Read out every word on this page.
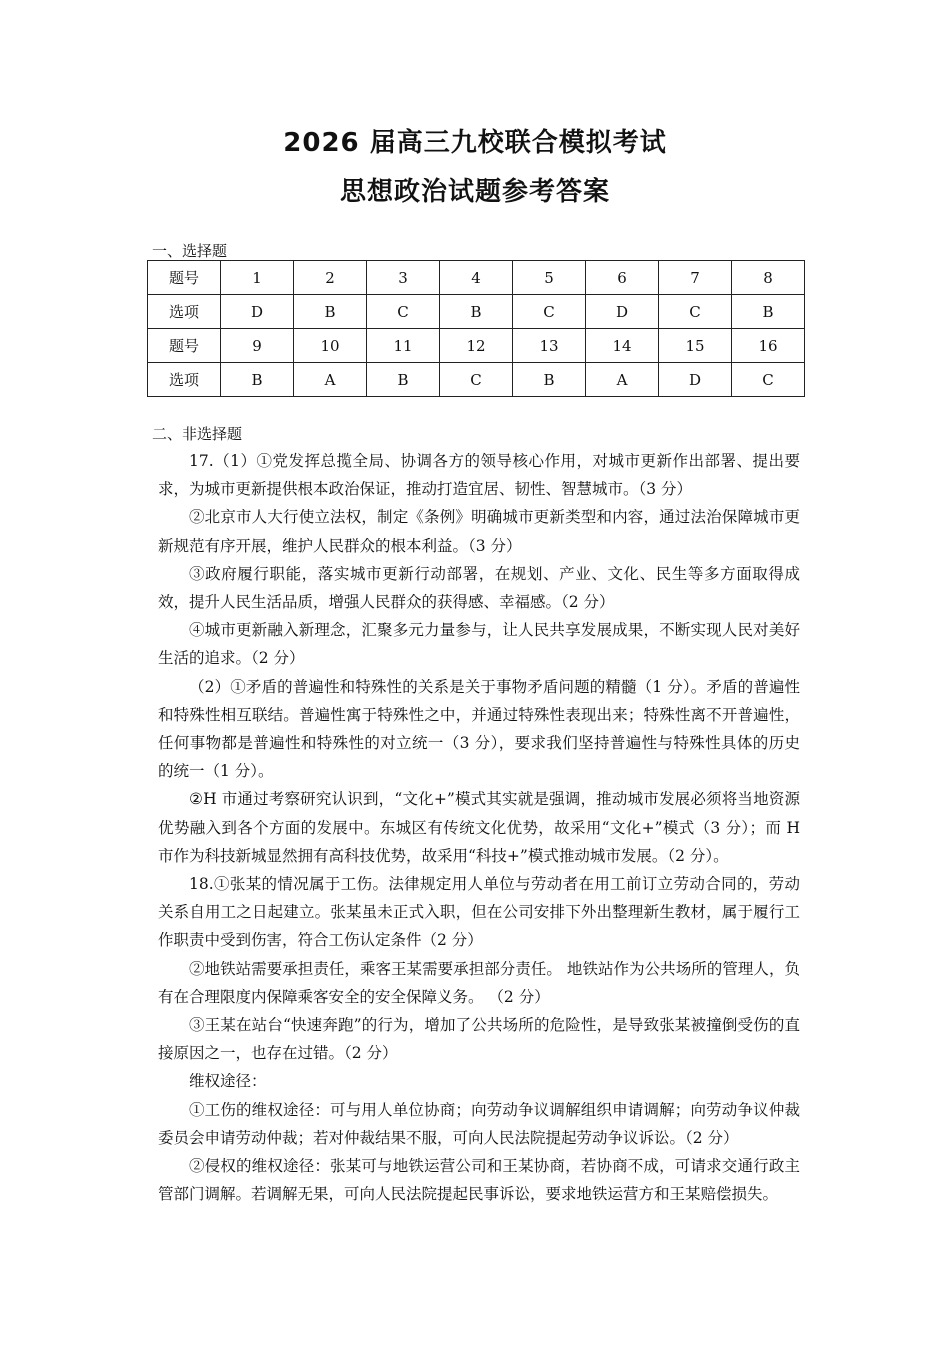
2026 届高三九校联合模拟考试
思想政治试题参考答案
一、选择题
题号	1	2	3	4	5	6	7	8
选项	D	B	C	B	C	D	C	B
题号	9	10	11	12	13	14	15	16
选项	B	A	B	C	B	A	D	C
二、非选择题

17.（1）①党发挥总揽全局、协调各方的领导核心作用，对城市更新作出部署、提出要求，为城市更新提供根本政治保证，推动打造宜居、韧性、智慧城市。（3 分）

②北京市人大行使立法权，制定《条例》明确城市更新类型和内容，通过法治保障城市更新规范有序开展，维护人民群众的根本利益。（3 分）

③政府履行职能，落实城市更新行动部署，在规划、产业、文化、民生等多方面取得成效，提升人民生活品质，增强人民群众的获得感、幸福感。（2 分）

④城市更新融入新理念，汇聚多元力量参与，让人民共享发展成果，不断实现人民对美好生活的追求。（2 分）

（2）①矛盾的普遍性和特殊性的关系是关于事物矛盾问题的精髓（1 分）。矛盾的普遍性和特殊性相互联结。普遍性寓于特殊性之中，并通过特殊性表现出来；特殊性离不开普遍性，任何事物都是普遍性和特殊性的对立统一（3 分），要求我们坚持普遍性与特殊性具体的历史的统一（1 分）。

②H 市通过考察研究认识到，“文化+”模式其实就是强调，推动城市发展必须将当地资源优势融入到各个方面的发展中。东城区有传统文化优势，故采用“文化+”模式（3 分）；而 H 市作为科技新城显然拥有高科技优势，故采用“科技+”模式推动城市发展。（2 分）。

18.①张某的情况属于工伤。法律规定用人单位与劳动者在用工前订立劳动合同的，劳动关系自用工之日起建立。张某虽未正式入职，但在公司安排下外出整理新生教材，属于履行工作职责中受到伤害，符合工伤认定条件（2 分）

②地铁站需要承担责任，乘客王某需要承担部分责任。 地铁站作为公共场所的管理人，负有在合理限度内保障乘客安全的安全保障义务。 （2 分）

③王某在站台“快速奔跑”的行为，增加了公共场所的危险性，是导致张某被撞倒受伤的直接原因之一，也存在过错。（2 分）

维权途径：

①工伤的维权途径：可与用人单位协商；向劳动争议调解组织申请调解；向劳动争议仲裁委员会申请劳动仲裁；若对仲裁结果不服，可向人民法院提起劳动争议诉讼。（2 分）

②侵权的维权途径：张某可与地铁运营公司和王某协商，若协商不成，可请求交通行政主管部门调解。若调解无果，可向人民法院提起民事诉讼，要求地铁运营方和王某赔偿损失。
